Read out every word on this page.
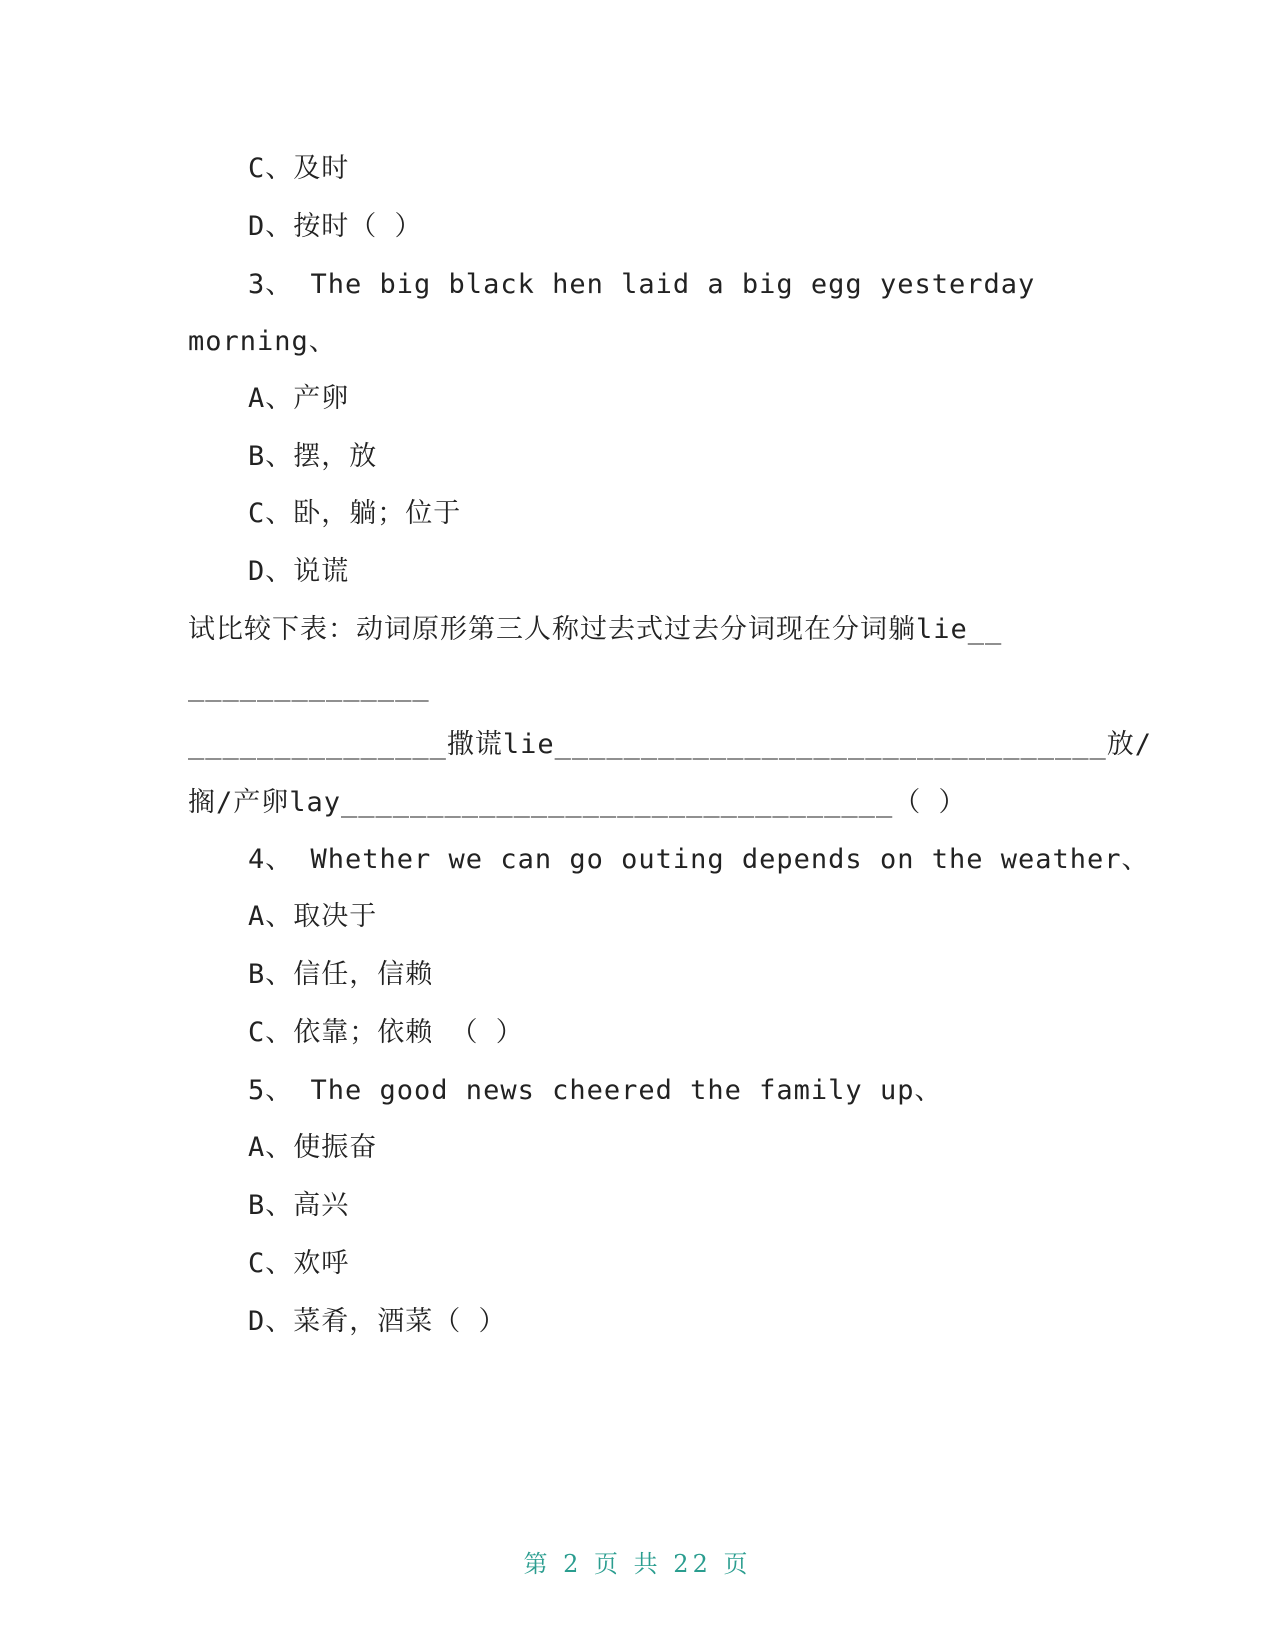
C、及时
D、按时（ ）
3、 The big black hen laid a big egg yesterday
morning、
A、产卵
B、摆，放
C、卧，躺；位于
D、说谎
试比较下表：动词原形第三人称过去式过去分词现在分词躺lie__
______________
_______________撒谎lie________________________________放/
搁/产卵lay________________________________（ ）
4、 Whether we can go outing depends on the weather、
A、取决于
B、信任，信赖
C、依靠；依赖 （ ）
5、 The good news cheered the family up、
A、使振奋
B、高兴
C、欢呼
D、菜肴，酒菜（ ）
第 2 页 共 22 页
